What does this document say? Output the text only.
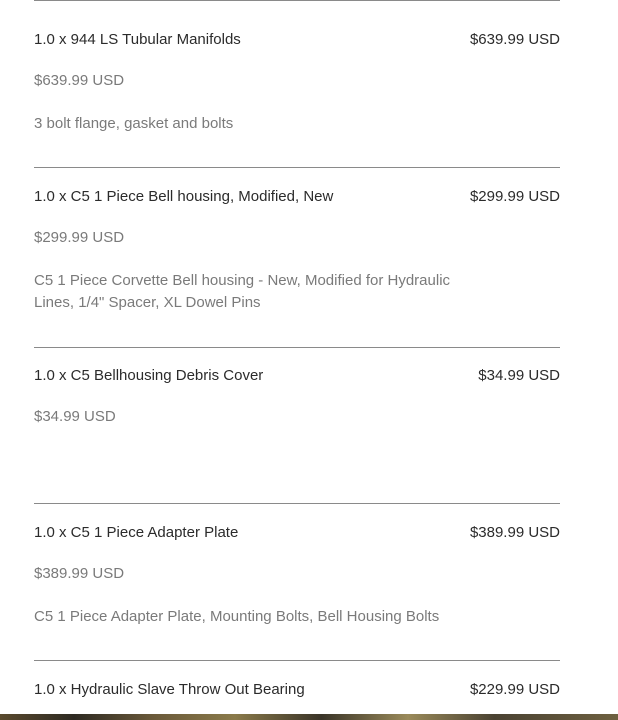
1.0 x 944 LS Tubular Manifolds	$639.99 USD
$639.99 USD
3 bolt flange, gasket and bolts
1.0 x C5 1 Piece Bell housing, Modified, New	$299.99 USD
$299.99 USD
C5 1 Piece Corvette Bell housing - New, Modified for Hydraulic Lines, 1/4" Spacer, XL Dowel Pins
1.0 x C5 Bellhousing Debris Cover	$34.99 USD
$34.99 USD
1.0 x C5 1 Piece Adapter Plate	$389.99 USD
$389.99 USD
C5 1 Piece Adapter Plate, Mounting Bolts, Bell Housing Bolts
1.0 x Hydraulic Slave Throw Out Bearing	$229.99 USD
